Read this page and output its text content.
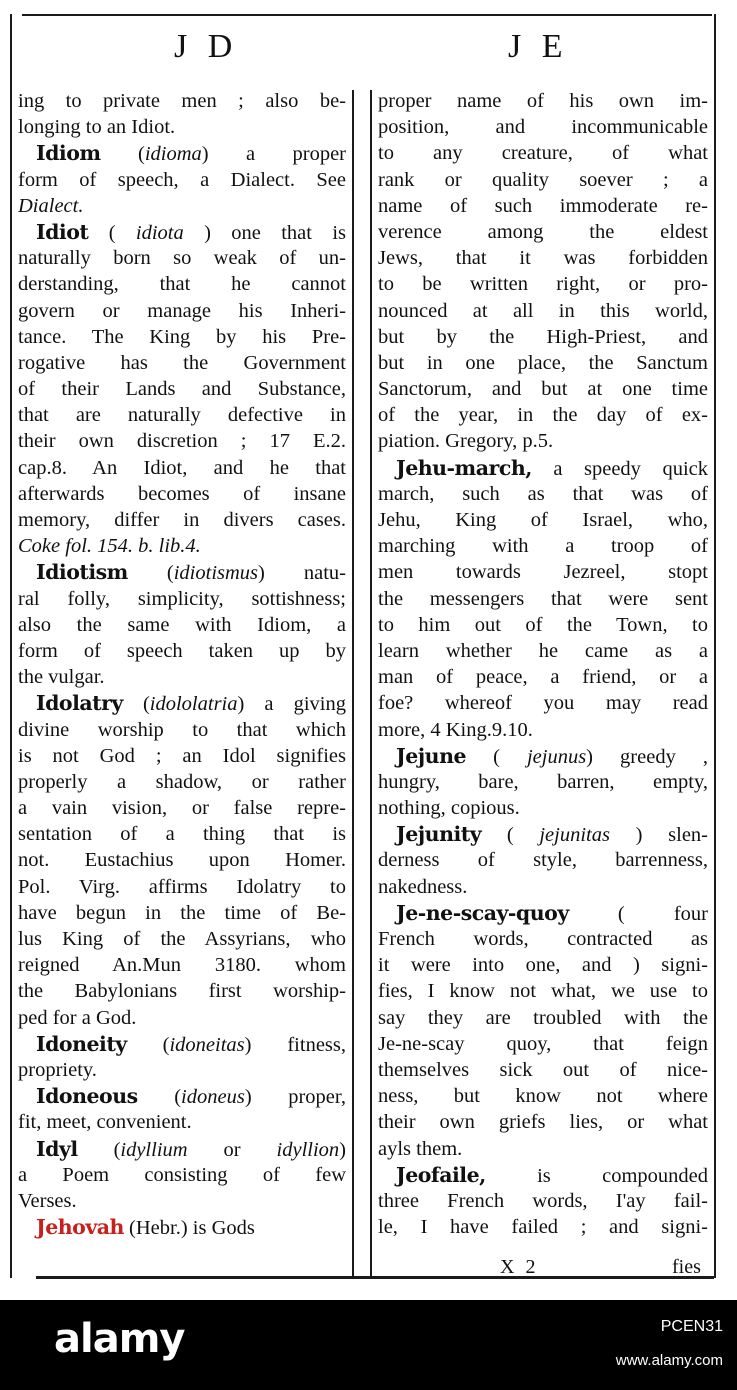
J D	J E
ing to private men ; also be-
longing to an Idiot.
Idiom (idioma) a proper
form of speech, a Dialect. See
Dialect.
Idiot ( idiota ) one that is
naturally born so weak of un-
derstanding, that he cannot
govern or manage his Inheri-
tance. The King by his Pre-
rogative has the Government
of their Lands and Substance,
that are naturally defective in
their own discretion ; 17 E.2.
cap.8. An Idiot, and he that
afterwards becomes of insane
memory, differ in divers cases.
Coke fol. 154. b. lib.4.
Idiotism (idiotismus) natu-
ral folly, simplicity, sottishness;
also the same with Idiom, a
form of speech taken up by
the vulgar.
Idolatry (idololatria) a giving
divine worship to that which
is not God ; an Idol signifies
properly a shadow, or rather
a vain vision, or false repre-
sentation of a thing that is
not. Eustachius upon Homer.
Pol. Virg. affirms Idolatry to
have begun in the time of Be-
lus King of the Assyrians, who
reigned An.Mun 3180. whom
the Babylonians first worship-
ped for a God.
Idoneity (idoneitas) fitness,
propriety.
Idoneous (idoneus) proper,
fit, meet, convenient.
Idyl (idyllium or idyllion)
a Poem consisting of few
Verses.
Jehovah (Hebr.) is Gods
proper name of his own im-
position, and incommunicable
to any creature, of what
rank or quality soever ; a
name of such immoderate re-
verence among the eldest
Jews, that it was forbidden
to be written right, or pro-
nounced at all in this world,
but by the High-Priest, and
but in one place, the Sanctum
Sanctorum, and but at one time
of the year, in the day of ex-
piation. Gregory, p.5.
Jehu-march, a speedy quick
march, such as that was of
Jehu, King of Israel, who,
marching with a troop of
men towards Jezreel, stopt
the messengers that were sent
to him out of the Town, to
learn whether he came as a
man of peace, a friend, or a
foe? whereof you may read
more, 4 King.9.10.
Jejune ( jejunus) greedy ,
hungry, bare, barren, empty,
nothing, copious.
Jejunity ( jejunitas ) slen-
derness of style, barrenness,
nakedness.
Je-ne-scay-quoy ( four
French words, contracted as
it were into one, and ) signi-
fies, I know not what, we use to
say they are troubled with the
Je-ne-scay quoy, that feign
themselves sick out of nice-
ness, but know not where
their own griefs lies, or what
ayls them.
Jeofaile, is compounded
three French words, I'ay fail-
le, I have failed ; and signi-
X 2	fies
alamy	PCEN31
www.alamy.com
